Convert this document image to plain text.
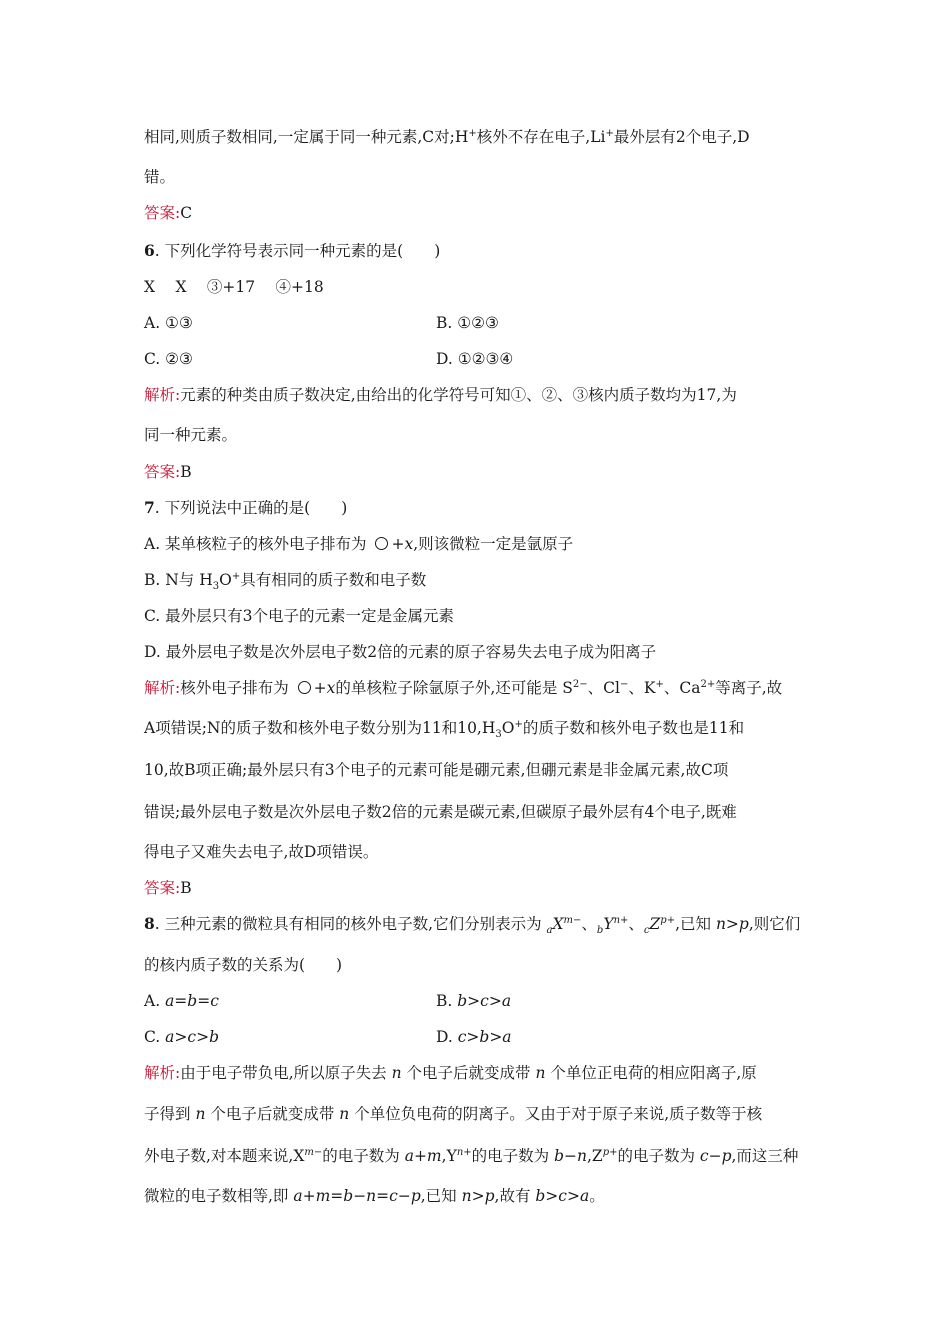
相同,则质子数相同,一定属于同一种元素,C对;H+核外不存在电子,Li+最外层有2个电子,D
错。
答案:C
6. 下列化学符号表示同一种元素的是(　　)
X　 X　 ③+17　 ④+18
A. ①③	B. ①②③
C. ②③	D. ①②③④
解析:元素的种类由质子数决定,由给出的化学符号可知①、②、③核内质子数均为17,为
同一种元素。
答案:B
7. 下列说法中正确的是(　　)
A. 某单核粒子的核外电子排布为 +x,则该微粒一定是氩原子
B. N与 $H_3O^+$具有相同的质子数和电子数
C. 最外层只有3个电子的元素一定是金属元素
D. 最外层电子数是次外层电子数2倍的元素的原子容易失去电子成为阳离子
解析:核外电子排布为 +x的单核粒子除氩原子外,还可能是 $S^{2-}$、Cl−、K+、$Ca^{2+}$等离子,故
A项错误;N的质子数和核外电子数分别为11和$10,H_3O^+$的质子数和核外电子数也是11和
10,故B项正确;最外层只有3个电子的元素可能是硼元素,但硼元素是非金属元素,故C项
错误;最外层电子数是次外层电子数2倍的元素是碳元素,但碳原子最外层有4个电子,既难
得电子又难失去电子,故D项错误。
答案:B
8. 三种元素的微粒具有相同的核外电子数,它们分别表示为 $_aX^{m-}$、$_bY^{n+}$、$_cZ^{p+}$,已知 n>p,则它们
的核内质子数的关系为(　　)
A. a=b=c	B. b>c>a
C. a>c>b	D. c>b>a
解析:由于电子带负电,所以原子失去 n 个电子后就变成带 n 个单位正电荷的相应阳离子,原
子得到 n 个电子后就变成带 n 个单位负电荷的阴离子。又由于对于原子来说,质子数等于核
外电子数,对本题来说$,X^{m-}$的电子数为 $a+m,Y^{n+}$的电子数为 $b-n,Z^{p+}$的电子数为 c−p,而这三种
微粒的电子数相等,即 a+m=b−n=c−p,已知 n>p,故有 b>c>a。
